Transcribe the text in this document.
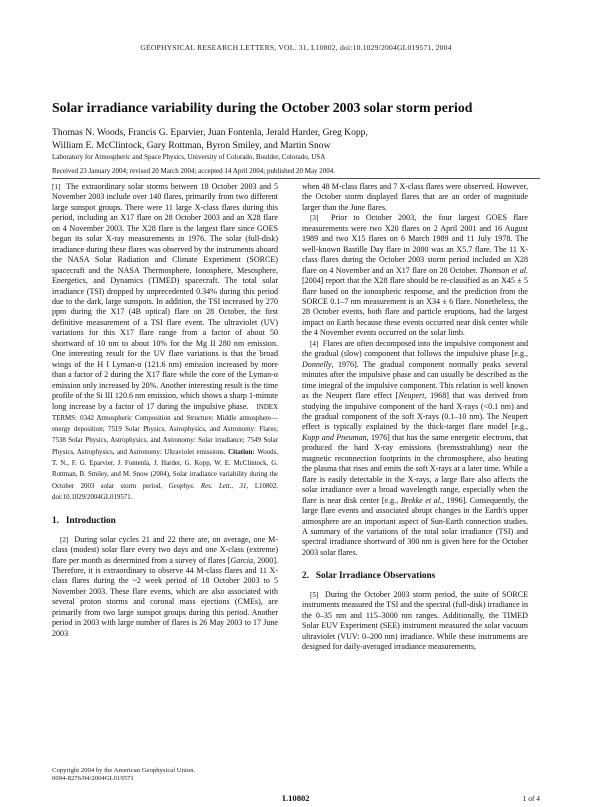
GEOPHYSICAL RESEARCH LETTERS, VOL. 31, L10802, doi:10.1029/2004GL019571, 2004
Solar irradiance variability during the October 2003 solar storm period
Thomas N. Woods, Francis G. Eparvier, Juan Fontenla, Jerald Harder, Greg Kopp,
William E. McClintock, Gary Rottman, Byron Smiley, and Martin Snow
Laboratory for Atmospheric and Space Physics, University of Colorado, Boulder, Colorado, USA
Received 23 January 2004; revised 20 March 2004; accepted 14 April 2004; published 20 May 2004.

[1] The extraordinary solar storms between 18 October 2003 and 5 November 2003 include over 140 flares, primarily from two different large sunspot groups. There were 11 large X-class flares during this period, including an X17 flare on 28 October 2003 and an X28 flare on 4 November 2003. The X28 flare is the largest flare since GOES began its solar X-ray measurements in 1976. The solar (full-disk) irradiance during these flares was observed by the instruments aboard the NASA Solar Radiation and Climate Experiment (SORCE) spacecraft and the NASA Thermosphere, Ionosphere, Mesosphere, Energetics, and Dynamics (TIMED) spacecraft. The total solar irradiance (TSI) dropped by unprecedented 0.34% during this period due to the dark, large sunspots. In addition, the TSI increased by 270 ppm during the X17 (4B optical) flare on 28 October, the first definitive measurement of a TSI flare event. The ultraviolet (UV) variations for this X17 flare range from a factor of about 50 shortward of 10 nm to about 10% for the Mg II 280 nm emission. One interesting result for the UV flare variations is that the broad wings of the H I Lyman-α (121.6 nm) emission increased by more than a factor of 2 during the X17 flare while the core of the Lyman-α emission only increased by 20%. Another interesting result is the time profile of the Si III 120.6 nm emission, which shows a sharp 1-minute long increase by a factor of 17 during the impulsive phase. INDEX TERMS: 0342 Atmospheric Composition and Structure: Middle atmosphere—energy deposition; 7519 Solar Physics, Astrophysics, and Astronomy: Flares; 7538 Solar Physics, Astrophysics, and Astronomy: Solar irradiance; 7549 Solar Physics, Astrophysics, and Astronomy: Ultraviolet emissions. Citation: Woods, T. N., F. G. Eparvier, J. Fontenla, J. Harder, G. Kopp, W. E. McClintock, G. Rottman, B. Smiley, and M. Snow (2004), Solar irradiance variability during the October 2003 solar storm period, Geophys. Res. Lett., 31, L10802, doi:10.1029/2004GL019571.

1. Introduction

[2] During solar cycles 21 and 22 there are, on average, one M-class (modest) solar flare every two days and one X-class (extreme) flare per month as determined from a survey of flares [Garcia, 2000]. Therefore, it is extraordinary to observe 44 M-class flares and 11 X-class flares during the ~2 week period of 18 October 2003 to 5 November 2003. These flare events, which are also associated with several proton storms and coronal mass ejections (CMEs), are primarily from two large sunspot groups during this period. Another period in 2003 with large number of flares is 26 May 2003 to 17 June 2003

when 48 M-class flares and 7 X-class flares were observed. However, the October storm displayed flares that are an order of magnitude larger than the June flares.

[3] Prior to October 2003, the four largest GOES flare measurements were two X20 flares on 2 April 2001 and 16 August 1989 and two X15 flares on 6 March 1989 and 11 July 1978. The well-known Bastille Day flare in 2000 was an X5.7 flare. The 11 X-class flares during the October 2003 storm period included an X28 flare on 4 November and an X17 flare on 28 October. Thomson et al. [2004] report that the X28 flare should be re-classified as an X45 ± 5 flare based on the ionospheric response, and the prediction from the SORCE 0.1–7 nm measurement is an X34 ± 6 flare. Nonetheless, the 28 October events, both flare and particle eruptions, had the largest impact on Earth because these events occurred near disk center while the 4 November events occurred on the solar limb.

[4] Flares are often decomposed into the impulsive component and the gradual (slow) component that follows the impulsive phase [e.g., Donnelly, 1976]. The gradual component normally peaks several minutes after the impulsive phase and can usually be described as the time integral of the impulsive component. This relation is well known as the Neupert flare effect [Neupert, 1968] that was derived from studying the impulsive component of the hard X-rays (<0.1 nm) and the gradual component of the soft X-rays (0.1–10 nm). The Neupert effect is typically explained by the thick-target flare model [e.g., Kopp and Pneuman, 1976] that has the same energetic electrons, that produced the hard X-ray emissions (bremsstrahlung) near the magnetic reconnection footprints in the chromosphere, also heating the plasma that rises and emits the soft X-rays at a later time. While a flare is easily detectable in the X-rays, a large flare also affects the solar irradiance over a broad wavelength range, especially when the flare is near disk center [e.g., Brekke et al., 1996]. Consequently, the large flare events and associated abrupt changes in the Earth's upper atmosphere are an important aspect of Sun-Earth connection studies. A summary of the variations of the total solar irradiance (TSI) and spectral irradiance shortward of 300 nm is given here for the October 2003 solar flares.

2. Solar Irradiance Observations

[5] During the October 2003 storm period, the suite of SORCE instruments measured the TSI and the spectral (full-disk) irradiance in the 0–35 nm and 115–3000 nm ranges. Additionally, the TIMED Solar EUV Experiment (SEE) instrument measured the solar vacuum ultraviolet (VUV: 0–200 nm) irradiance. While these instruments are designed for daily-averaged irradiance measurements,

Copyright 2004 by the American Geophysical Union.
0094-8276/04/2004GL019571
L10802	1 of 4
